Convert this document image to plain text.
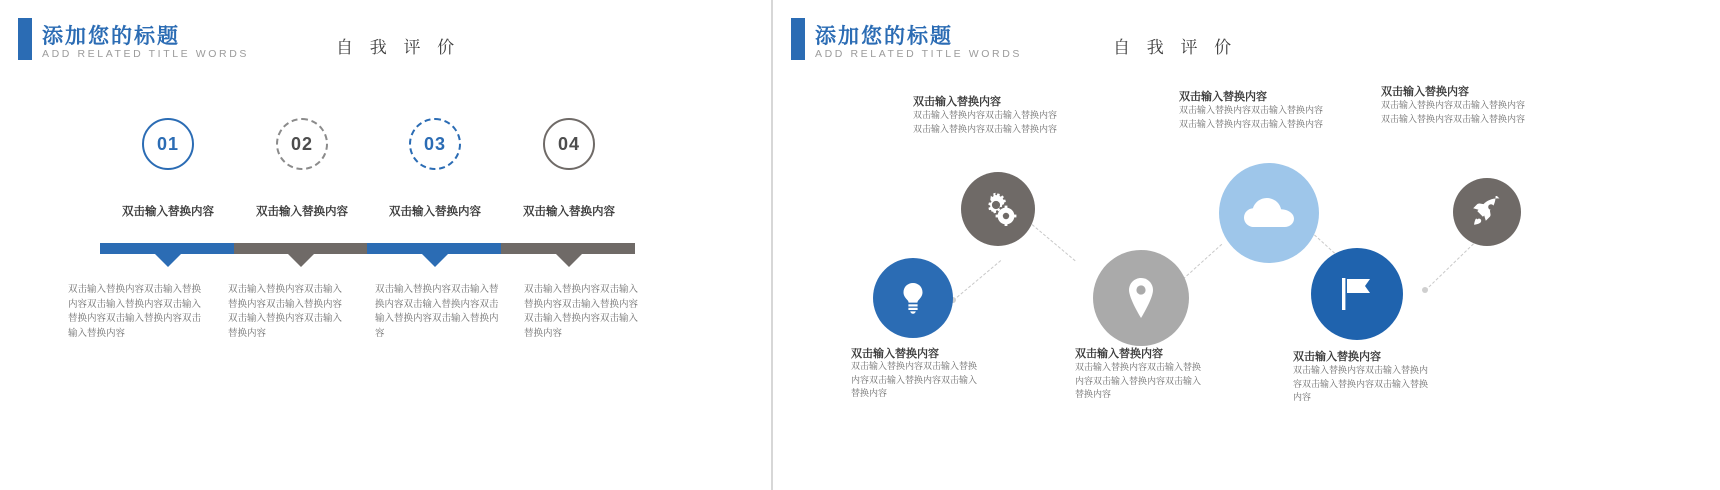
添加您的标题
ADD RELATED TITLE WORDS	自 我 评 价
01	02	03	04
双击输入替换内容	双击输入替换内容	双击输入替换内容	双击输入替换内容
双击输入替换内容双击输入替换内容双击输入替换内容双击输入替换内容双击输入替换内容双击输入替换内容
双击输入替换内容双击输入替换内容双击输入替换内容双击输入替换内容双击输入替换内容
双击输入替换内容双击输入替换内容双击输入替换内容双击输入替换内容双击输入替换内容
双击输入替换内容双击输入替换内容双击输入替换内容双击输入替换内容双击输入替换内容
添加您的标题
ADD RELATED TITLE WORDS	自 我 评 价
双击输入替换内容
双击输入替换内容双击输入替换内容双击输入替换内容双击输入替换内容
双击输入替换内容
双击输入替换内容双击输入替换内容双击输入替换内容双击输入替换内容
双击输入替换内容
双击输入替换内容双击输入替换内容双击输入替换内容双击输入替换内容
双击输入替换内容
双击输入替换内容双击输入替换内容双击输入替换内容双击输入替换内容
双击输入替换内容
双击输入替换内容双击输入替换内容双击输入替换内容双击输入替换内容
双击输入替换内容
双击输入替换内容双击输入替换内容双击输入替换内容双击输入替换内容
